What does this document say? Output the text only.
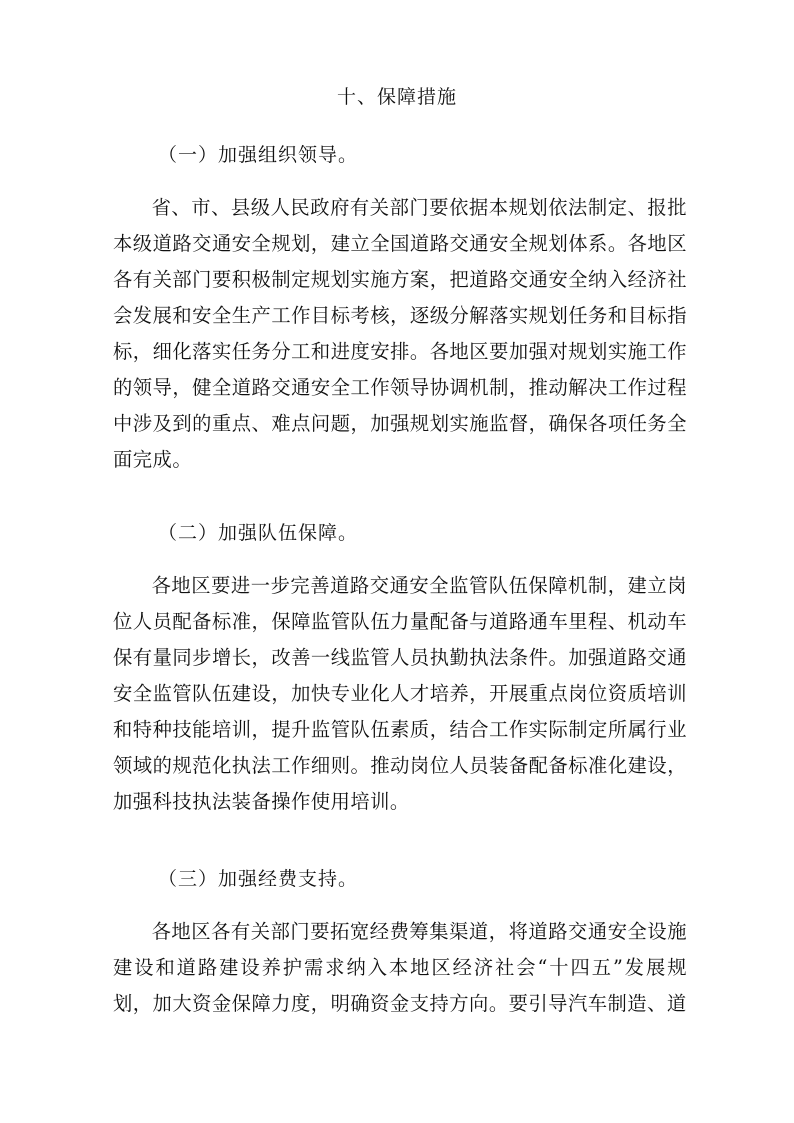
十、保障措施
（一）加强组织领导。

省、市、县级人民政府有关部门要依据本规划依法制定、报批本级道路交通安全规划，建立全国道路交通安全规划体系。各地区各有关部门要积极制定规划实施方案，把道路交通安全纳入经济社会发展和安全生产工作目标考核，逐级分解落实规划任务和目标指标，细化落实任务分工和进度安排。各地区要加强对规划实施工作的领导，健全道路交通安全工作领导协调机制，推动解决工作过程中涉及到的重点、难点问题，加强规划实施监督，确保各项任务全面完成。

（二）加强队伍保障。

各地区要进一步完善道路交通安全监管队伍保障机制，建立岗位人员配备标准，保障监管队伍力量配备与道路通车里程、机动车保有量同步增长，改善一线监管人员执勤执法条件。加强道路交通安全监管队伍建设，加快专业化人才培养，开展重点岗位资质培训和特种技能培训，提升监管队伍素质，结合工作实际制定所属行业领域的规范化执法工作细则。推动岗位人员装备配备标准化建设，加强科技执法装备操作使用培训。

（三）加强经费支持。

各地区各有关部门要拓宽经费筹集渠道，将道路交通安全设施建设和道路建设养护需求纳入本地区经济社会“十四五”发展规划，加大资金保障力度，明确资金支持方向。要引导汽车制造、道
